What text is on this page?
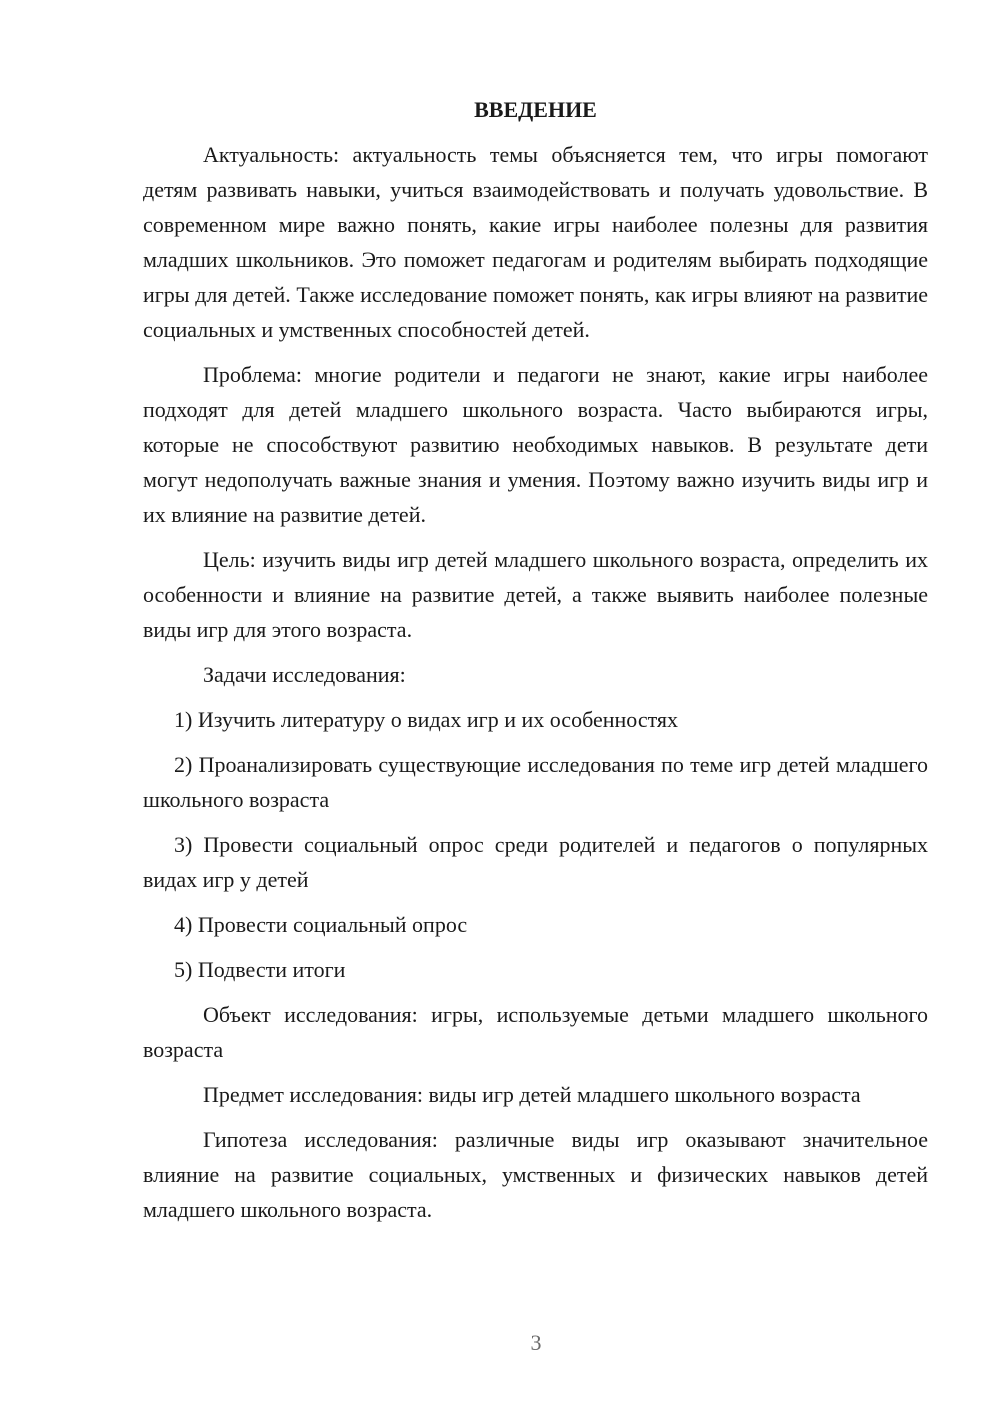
ВВЕДЕНИЕ

Актуальность: актуальность темы объясняется тем, что игры помогают детям развивать навыки, учиться взаимодействовать и получать удовольствие. В современном мире важно понять, какие игры наиболее полезны для развития младших школьников. Это поможет педагогам и родителям выбирать подходящие игры для детей. Также исследование поможет понять, как игры влияют на развитие социальных и умственных способностей детей.

Проблема: многие родители и педагоги не знают, какие игры наиболее подходят для детей младшего школьного возраста. Часто выбираются игры, которые не способствуют развитию необходимых навыков. В результате дети могут недополучать важные знания и умения. Поэтому важно изучить виды игр и их влияние на развитие детей.

Цель: изучить виды игр детей младшего школьного возраста, определить их особенности и влияние на развитие детей, а также выявить наиболее полезные виды игр для этого возраста.

Задачи исследования:

1) Изучить литературу о видах игр и их особенностях

2) Проанализировать существующие исследования по теме игр детей младшего школьного возраста

3) Провести социальный опрос среди родителей и педагогов о популярных видах игр у детей

4) Провести социальный опрос

5) Подвести итоги

Объект исследования: игры, используемые детьми младшего школьного возраста

Предмет исследования: виды игр детей младшего школьного возраста

Гипотеза исследования: различные виды игр оказывают значительное влияние на развитие социальных, умственных и физических навыков детей младшего школьного возраста.

3
